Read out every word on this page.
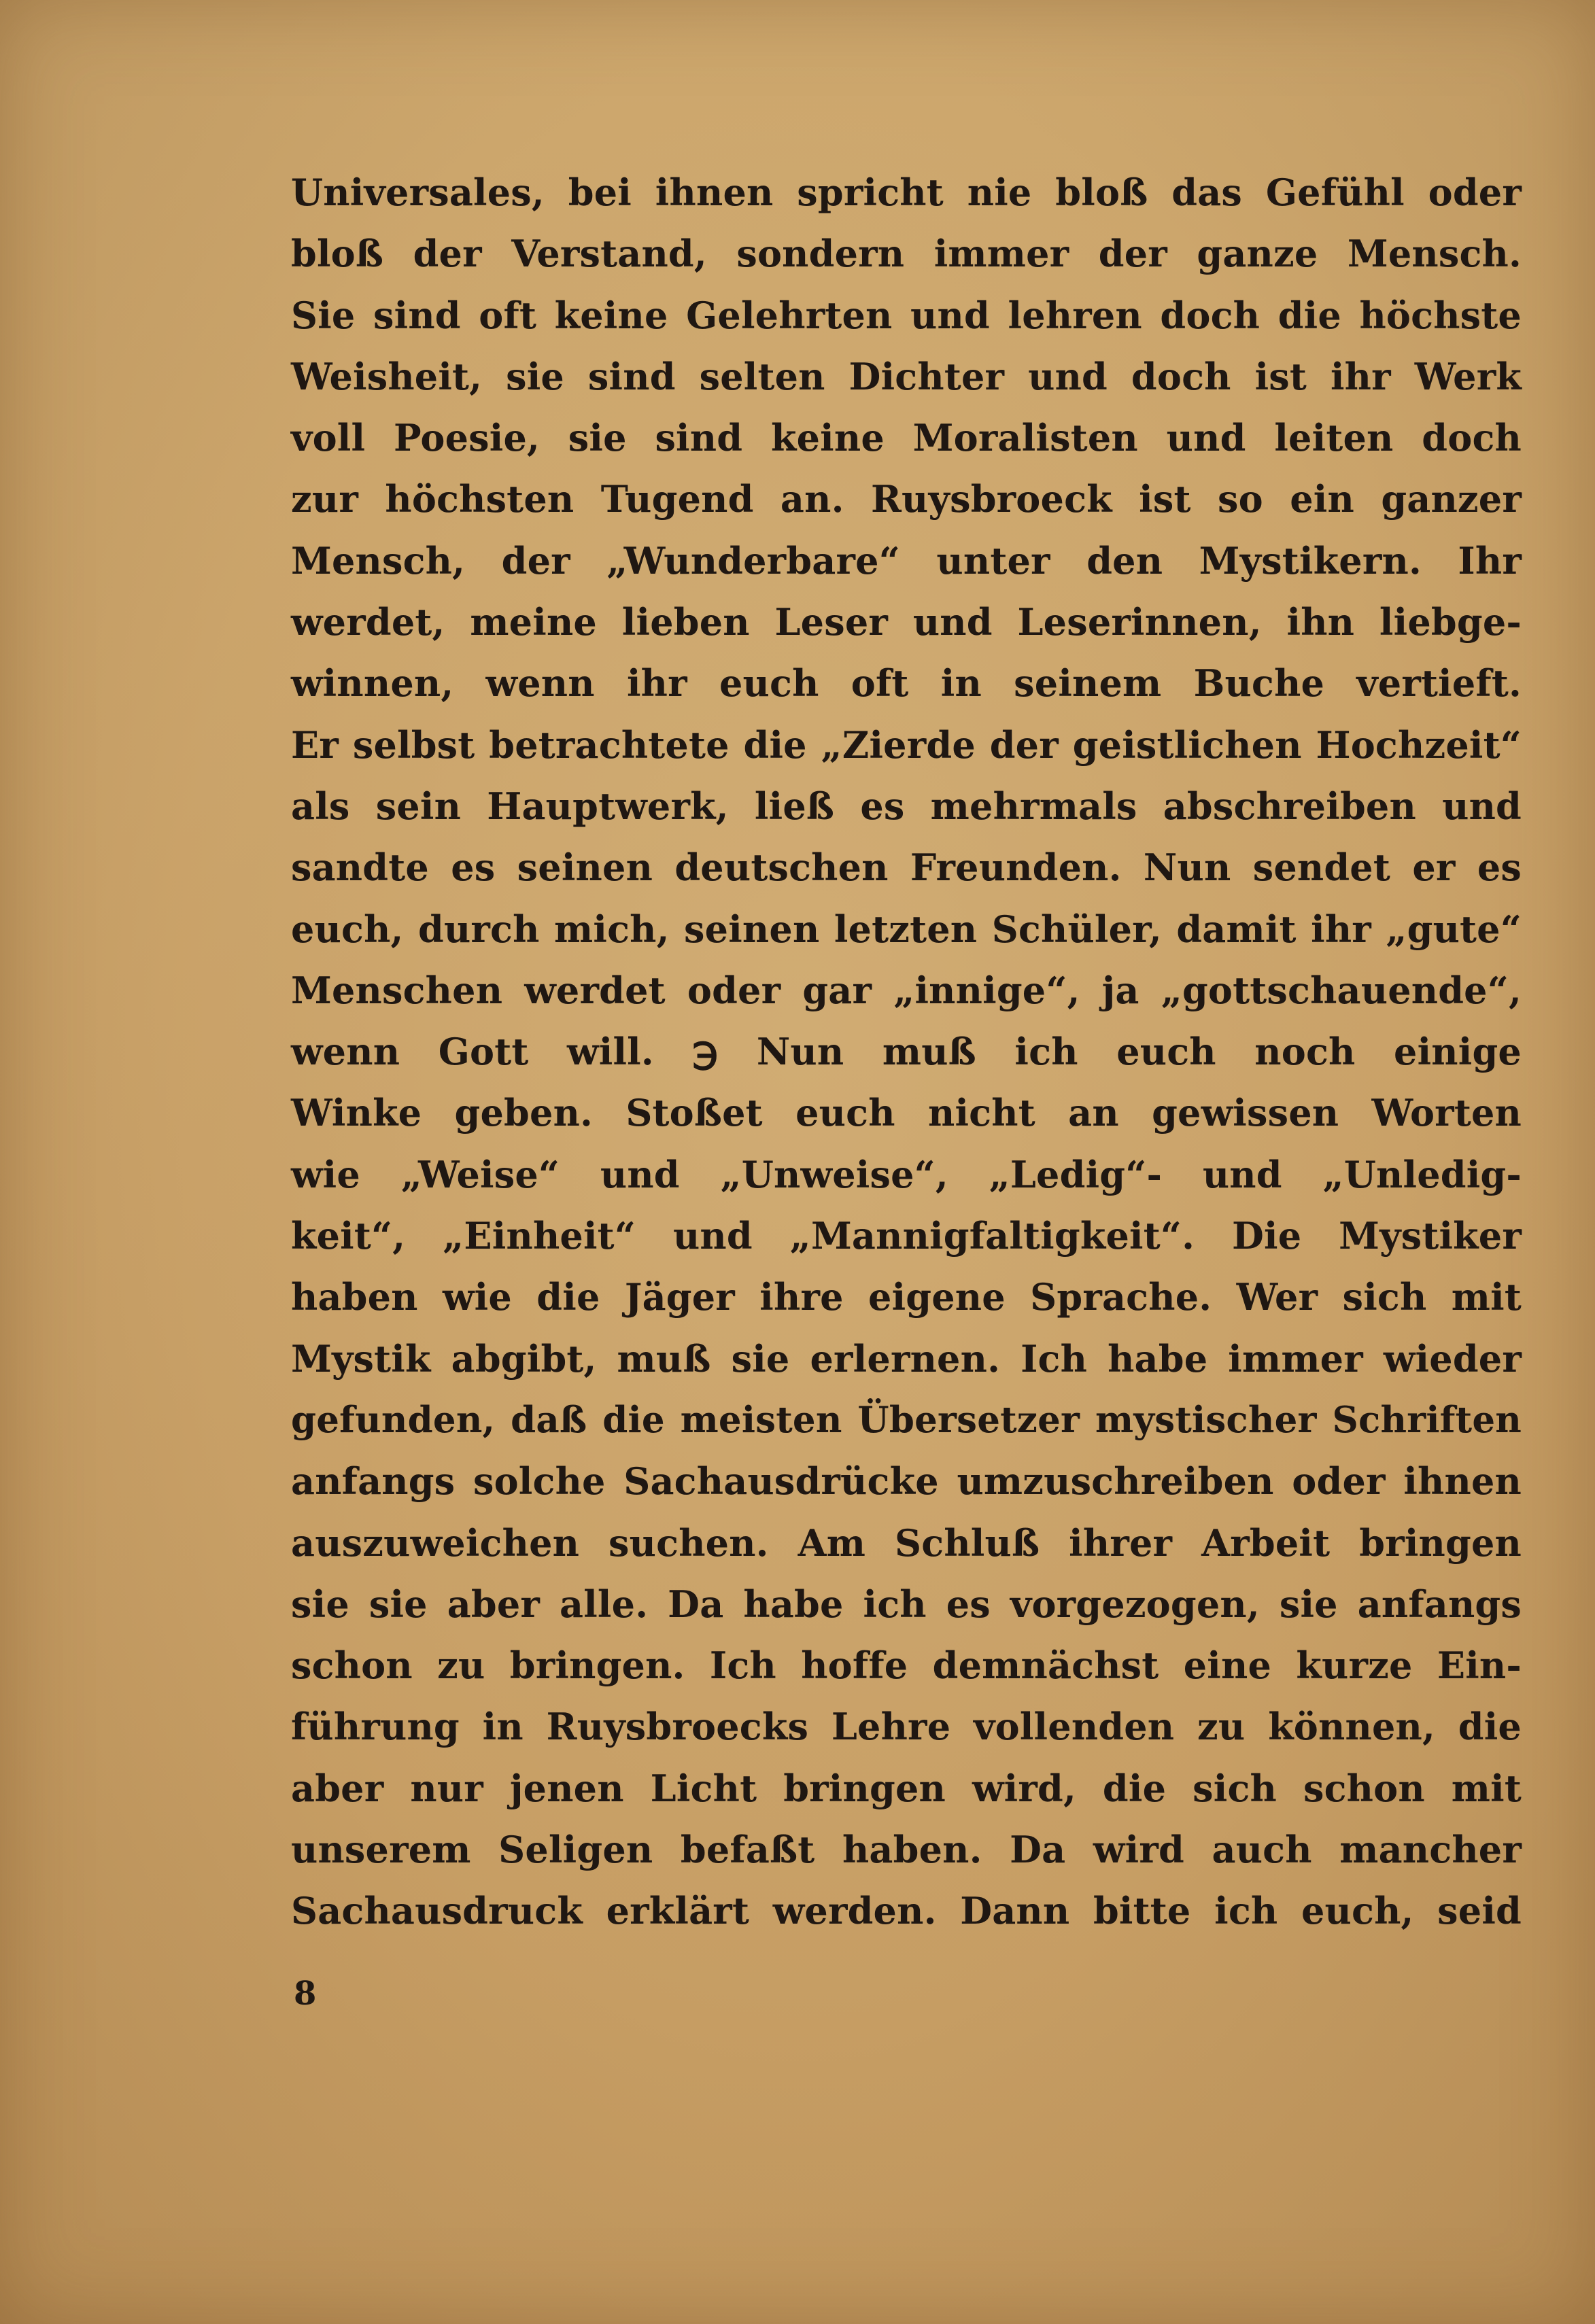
Universales, bei ihnen spricht nie bloß das Gefühl oder
bloß der Verstand, sondern immer der ganze Mensch.
Sie sind oft keine Gelehrten und lehren doch die höchste
Weisheit, sie sind selten Dichter und doch ist ihr Werk
voll Poesie, sie sind keine Moralisten und leiten doch
zur höchsten Tugend an. Ruysbroeck ist so ein ganzer
Mensch, der „Wunderbare“ unter den Mystikern. Ihr
werdet, meine lieben Leser und Leserinnen, ihn liebge-
winnen, wenn ihr euch oft in seinem Buche vertieft.
Er selbst betrachtete die „Zierde der geistlichen Hochzeit“
als sein Hauptwerk, ließ es mehrmals abschreiben und
sandte es seinen deutschen Freunden. Nun sendet er es
euch, durch mich, seinen letzten Schüler, damit ihr „gute“
Menschen werdet oder gar „innige“, ja „gottschauende“,
wenn Gott will. ℈ Nun muß ich euch noch einige
Winke geben. Stoßet euch nicht an gewissen Worten
wie „Weise“ und „Unweise“, „Ledig“- und „Unledig-
keit“, „Einheit“ und „Mannigfaltigkeit“. Die Mystiker
haben wie die Jäger ihre eigene Sprache. Wer sich mit
Mystik abgibt, muß sie erlernen. Ich habe immer wieder
gefunden, daß die meisten Übersetzer mystischer Schriften
anfangs solche Sachausdrücke umzuschreiben oder ihnen
auszuweichen suchen. Am Schluß ihrer Arbeit bringen
sie sie aber alle. Da habe ich es vorgezogen, sie anfangs
schon zu bringen. Ich hoffe demnächst eine kurze Ein-
führung in Ruysbroecks Lehre vollenden zu können, die
aber nur jenen Licht bringen wird, die sich schon mit
unserem Seligen befaßt haben. Da wird auch mancher
Sachausdruck erklärt werden. Dann bitte ich euch, seid
8
